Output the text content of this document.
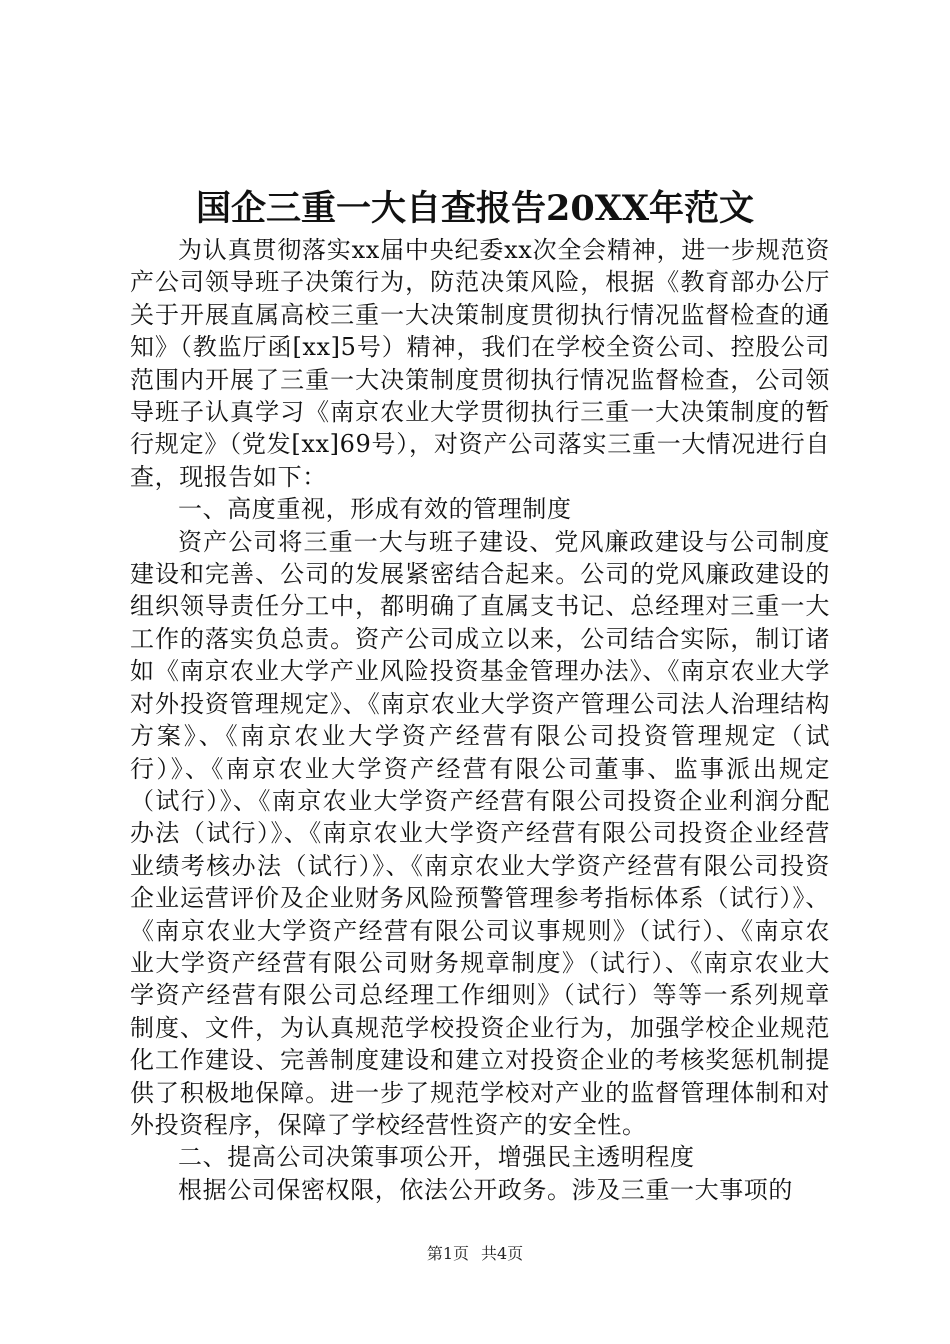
国企三重一大自查报告20XX年范文

为认真贯彻落实xx届中央纪委xx次全会精神，进一步规范资产公司领导班子决策行为，防范决策风险，根据《教育部办公厅关于开展直属高校三重一大决策制度贯彻执行情况监督检查的通知》（教监厅函[xx]5号）精神，我们在学校全资公司、控股公司范围内开展了三重一大决策制度贯彻执行情况监督检查，公司领导班子认真学习《南京农业大学贯彻执行三重一大决策制度的暂行规定》（党发[xx]69号），对资产公司落实三重一大情况进行自查，现报告如下：

一、高度重视，形成有效的管理制度

资产公司将三重一大与班子建设、党风廉政建设与公司制度建设和完善、公司的发展紧密结合起来。公司的党风廉政建设的组织领导责任分工中，都明确了直属支书记、总经理对三重一大工作的落实负总责。资产公司成立以来，公司结合实际，制订诸如《南京农业大学产业风险投资基金管理办法》、《南京农业大学对外投资管理规定》、《南京农业大学资产管理公司法人治理结构方案》、《南京农业大学资产经营有限公司投资管理规定（试行）》、《南京农业大学资产经营有限公司董事、监事派出规定（试行）》、《南京农业大学资产经营有限公司投资企业利润分配办法（试行）》、《南京农业大学资产经营有限公司投资企业经营业绩考核办法（试行）》、《南京农业大学资产经营有限公司投资企业运营评价及企业财务风险预警管理参考指标体系（试行）》、《南京农业大学资产经营有限公司议事规则》（试行）、《南京农业大学资产经营有限公司财务规章制度》（试行）、《南京农业大学资产经营有限公司总经理工作细则》（试行）等等一系列规章制度、文件，为认真规范学校投资企业行为，加强学校企业规范化工作建设、完善制度建设和建立对投资企业的考核奖惩机制提供了积极地保障。进一步了规范学校对产业的监督管理体制和对外投资程序，保障了学校经营性资产的安全性。

二、提高公司决策事项公开，增强民主透明程度

根据公司保密权限，依法公开政务。涉及三重一大事项的

第1页 共4页
